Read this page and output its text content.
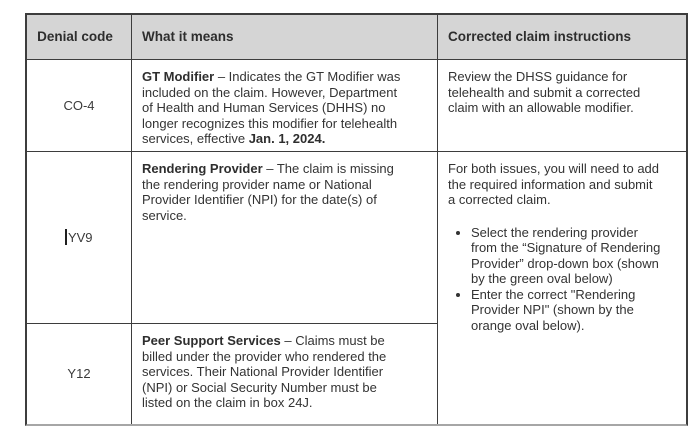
Denial code What it means	Corrected claim instructions
CO-4
GT Modifier – Indicates the GT Modifier was included on the claim. However, Department of Health and Human Services (DHHS) no longer recognizes this modifier for telehealth services, effective Jan. 1, 2024.
Review the DHSS guidance for telehealth and submit a corrected claim with an allowable modifier.
YV9
Rendering Provider – The claim is missing the rendering provider name or National Provider Identifier (NPI) for the date(s) of service.

For both issues, you will need to add the required information and submit a corrected claim.

• Select the rendering provider from the “Signature of Rendering Provider” drop-down box (shown by the green oval below)
• Enter the correct "Rendering Provider NPI" (shown by the orange oval below).
Y12
Peer Support Services – Claims must be billed under the provider who rendered the services. Their National Provider Identifier (NPI) or Social Security Number must be listed on the claim in box 24J.
